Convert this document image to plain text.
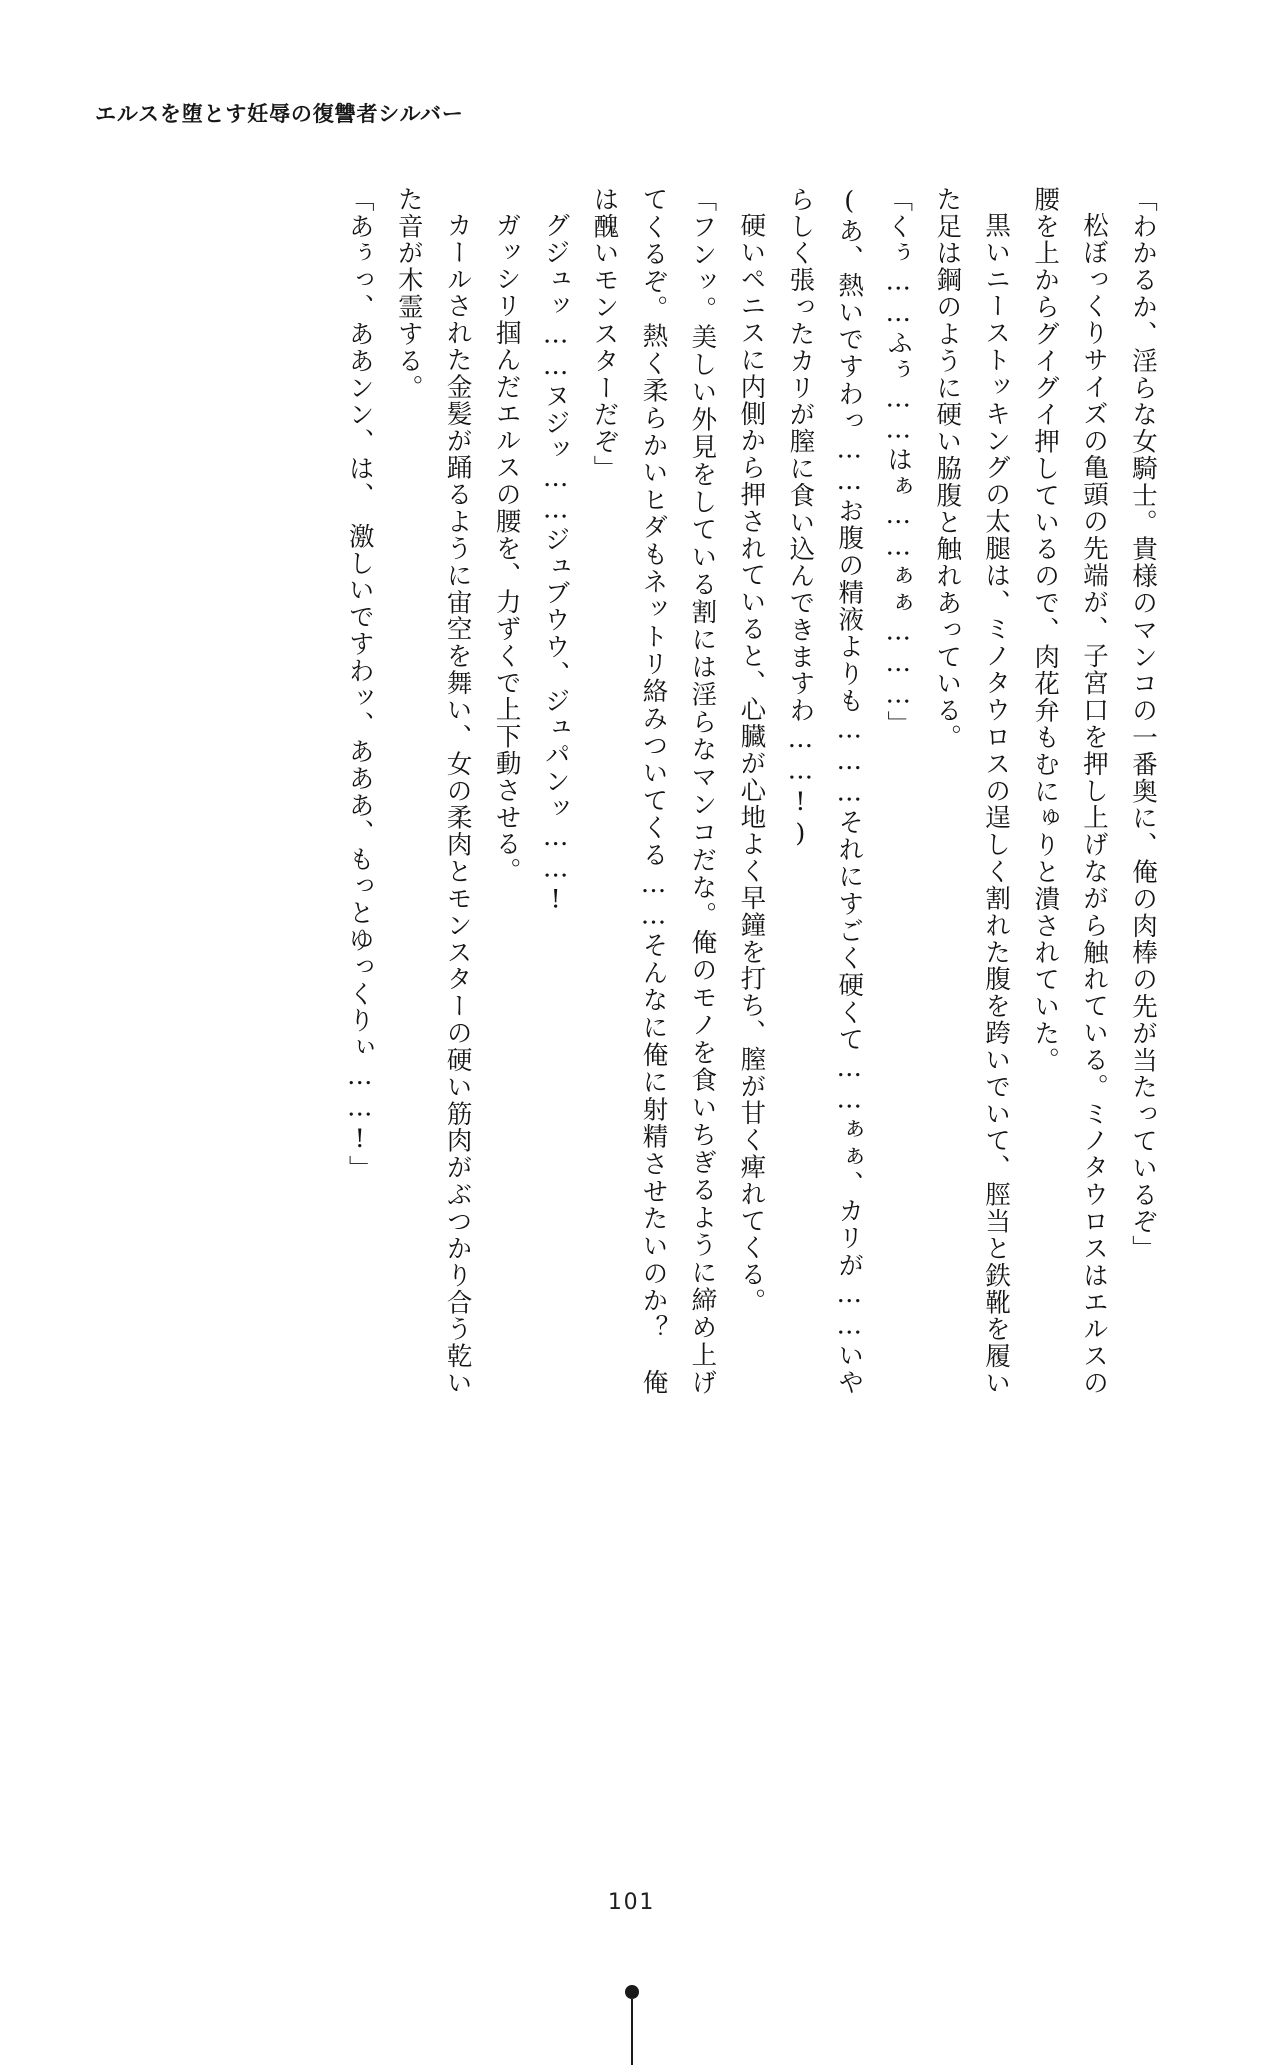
エルスを堕とす妊辱の復讐者シルバー

「わかるか、淫らな女騎士。貴様のマンコの一番奥に、俺の肉棒の先が当たっているぞ」

松ぼっくりサイズの亀頭の先端が、子宮口を押し上げながら触れている。ミノタウロスはエルスの腰を上からグイグイ押しているので、肉花弁もむにゅりと潰されていた。

黒いニーストッキングの太腿は、ミノタウロスの逞しく割れた腹を跨いでいて、脛当と鉄靴を履いた足は鋼のように硬い脇腹と触れあっている。

「くぅ……ふぅ……はぁ……ぁぁ………」

(あ、熱いですわっ……お腹の精液よりも………それにすごく硬くて……ぁぁ、カリが……いやらしく張ったカリが膣に食い込んできますわ……!)

硬いペニスに内側から押されていると、心臓が心地よく早鐘を打ち、膣が甘く痺れてくる。

「フンッ。美しい外見をしている割には淫らなマンコだな。俺のモノを食いちぎるように締め上げてくるぞ。熱く柔らかいヒダもネットリ絡みついてくる……そんなに俺に射精させたいのか？　俺は醜いモンスターだぞ」

グジュッ……ヌジッ……ジュブウウ、ジュパンッ……!

ガッシリ掴んだエルスの腰を、力ずくで上下動させる。

カールされた金髪が踊るように宙空を舞い、女の柔肉とモンスターの硬い筋肉がぶつかり合う乾いた音が木霊する。

「あぅっ、ああンン、は、　激しいですわッ、あああ、もっとゆっくりぃ……!」

101
